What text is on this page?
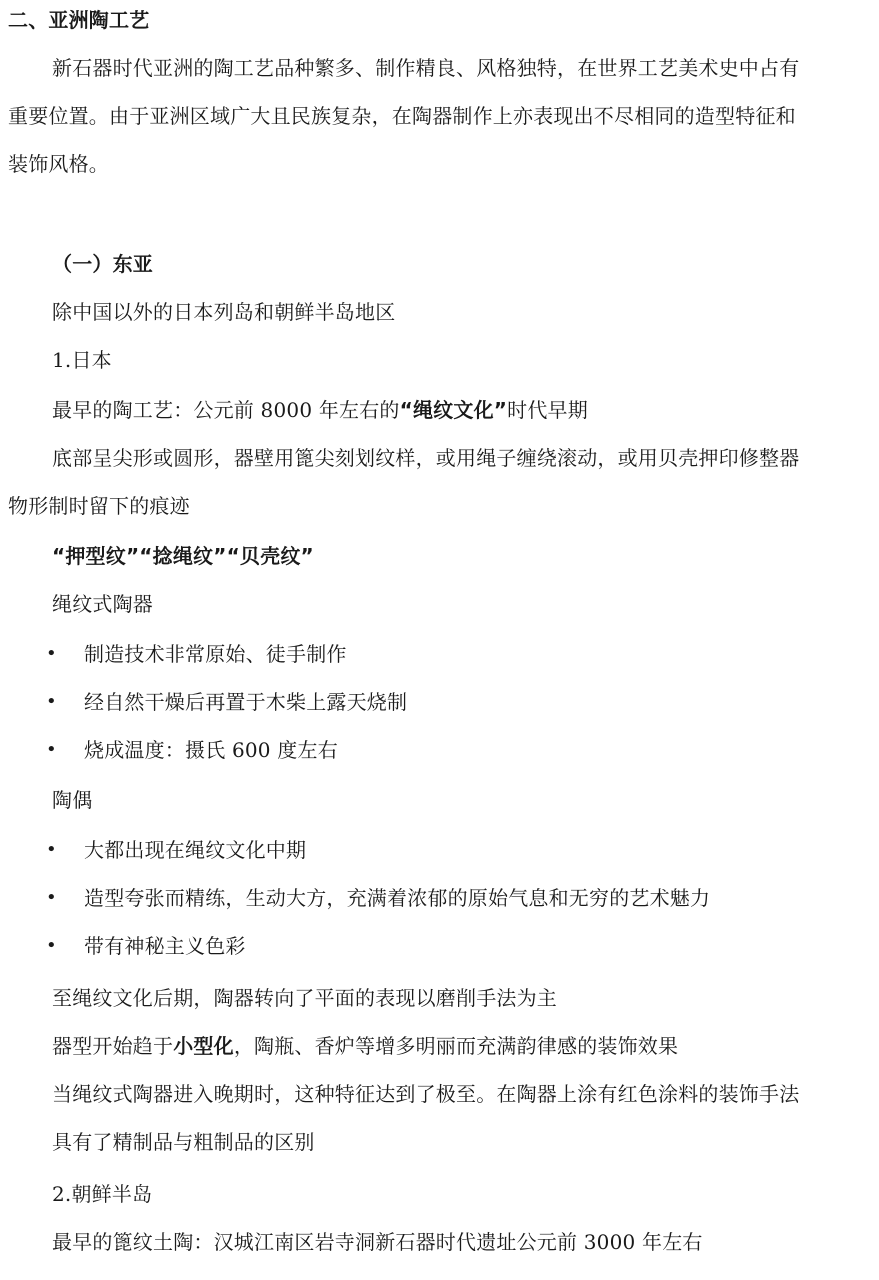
二、亚洲陶工艺
新石器时代亚洲的陶工艺品种繁多、制作精良、风格独特，在世界工艺美术史中占有
重要位置。由于亚洲区域广大且民族复杂，在陶器制作上亦表现出不尽相同的造型特征和
装饰风格。
（一）东亚
除中国以外的日本列岛和朝鲜半岛地区
1.日本
最早的陶工艺：公元前 8000 年左右的“绳纹文化”时代早期
底部呈尖形或圆形，器壁用篦尖刻划纹样，或用绳子缠绕滚动，或用贝壳押印修整器
物形制时留下的痕迹
“押型纹”“捻绳纹”“贝壳纹”
绳纹式陶器
• 制造技术非常原始、徒手制作
• 经自然干燥后再置于木柴上露天烧制
• 烧成温度：摄氏 600 度左右
陶偶
• 大都出现在绳纹文化中期
• 造型夸张而精练，生动大方，充满着浓郁的原始气息和无穷的艺术魅力
• 带有神秘主义色彩
至绳纹文化后期，陶器转向了平面的表现以磨削手法为主
器型开始趋于小型化，陶瓶、香炉等增多明丽而充满韵律感的装饰效果
当绳纹式陶器进入晚期时，这种特征达到了极至。在陶器上涂有红色涂料的装饰手法
具有了精制品与粗制品的区别
2.朝鲜半岛
最早的篦纹土陶：汉城江南区岩寺洞新石器时代遗址公元前 3000 年左右
